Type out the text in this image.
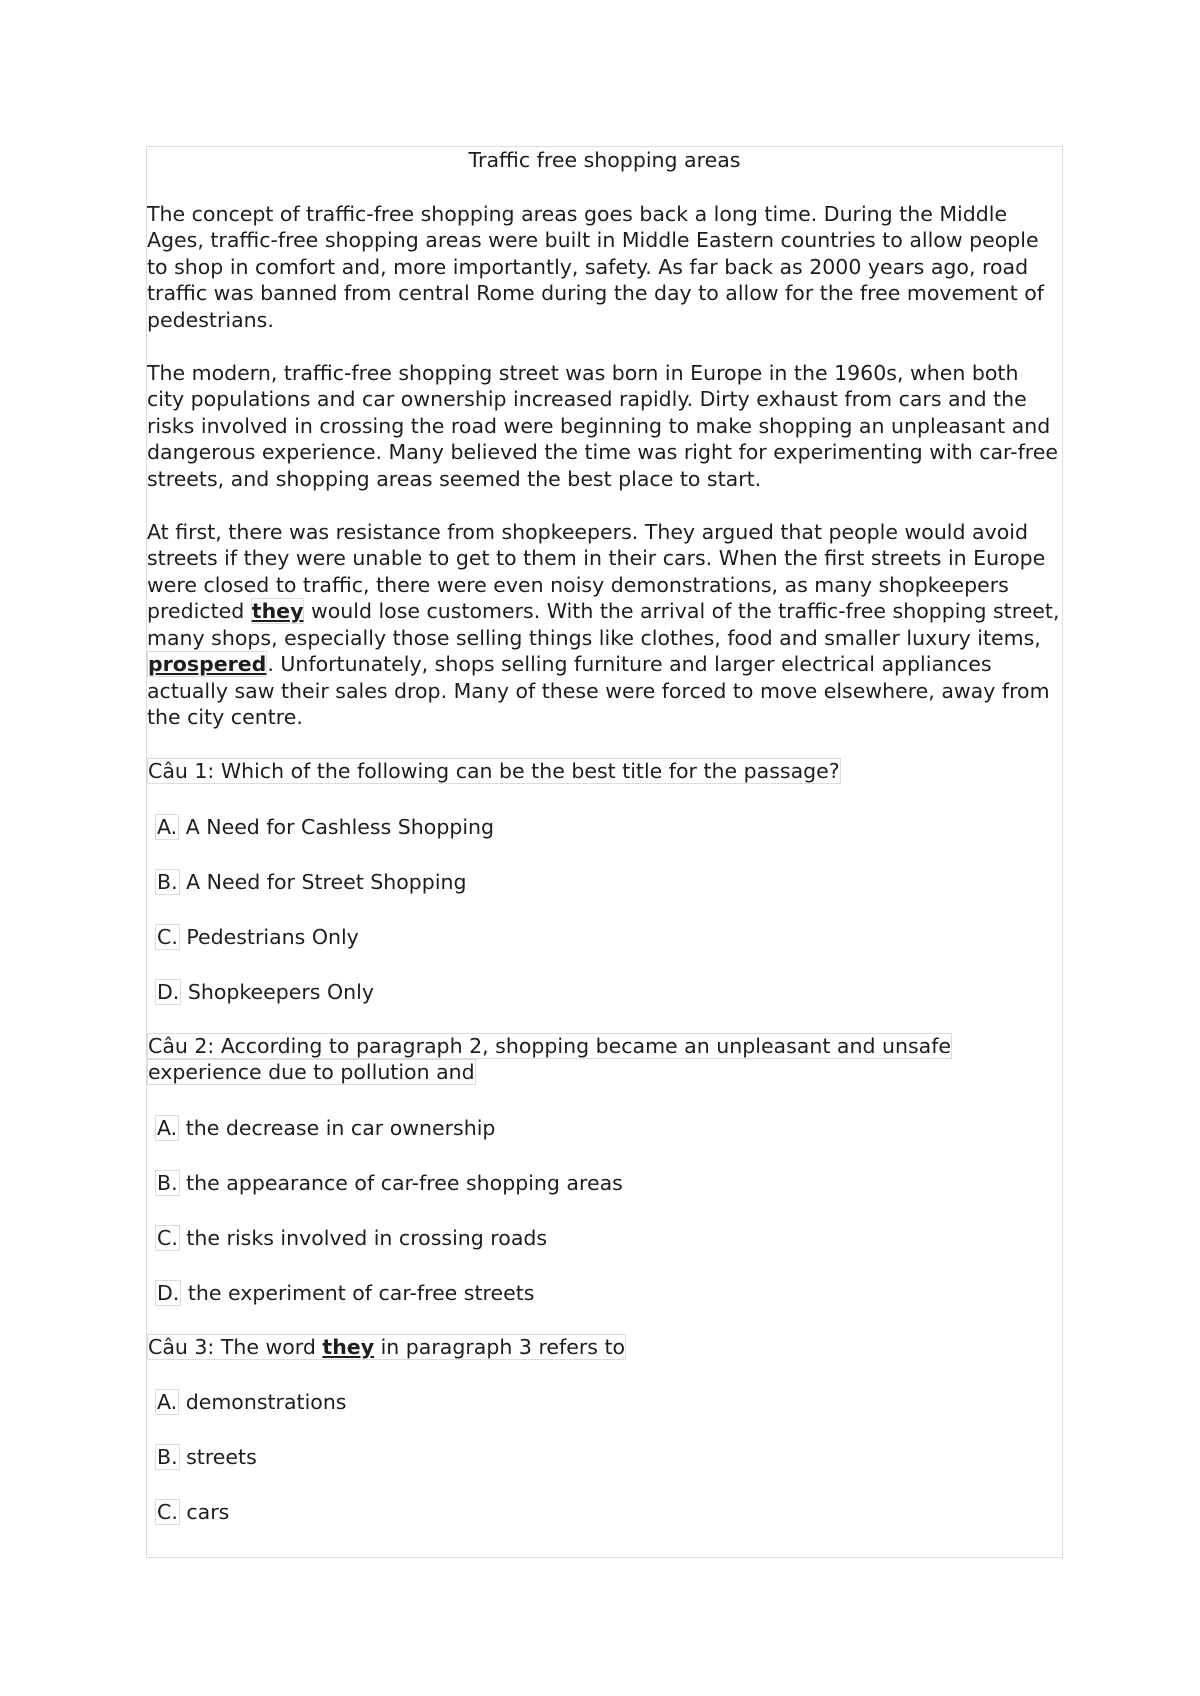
Traffic free shopping areas

The concept of traffic-free shopping areas goes back a long time. During the Middle Ages, traffic-free shopping areas were built in Middle Eastern countries to allow people to shop in comfort and, more importantly, safety. As far back as 2000 years ago, road traffic was banned from central Rome during the day to allow for the free movement of pedestrians.

The modern, traffic-free shopping street was born in Europe in the 1960s, when both city populations and car ownership increased rapidly. Dirty exhaust from cars and the risks involved in crossing the road were beginning to make shopping an unpleasant and dangerous experience. Many believed the time was right for experimenting with car-free streets, and shopping areas seemed the best place to start.

At first, there was resistance from shopkeepers. They argued that people would avoid streets if they were unable to get to them in their cars. When the first streets in Europe were closed to traffic, there were even noisy demonstrations, as many shopkeepers predicted they would lose customers. With the arrival of the traffic-free shopping street, many shops, especially those selling things like clothes, food and smaller luxury items, prospered. Unfortunately, shops selling furniture and larger electrical appliances actually saw their sales drop. Many of these were forced to move elsewhere, away from the city centre.

Câu 1: Which of the following can be the best title for the passage?
A. A Need for Cashless Shopping
B. A Need for Street Shopping
C. Pedestrians Only
D. Shopkeepers Only
Câu 2: According to paragraph 2, shopping became an unpleasant and unsafe experience due to pollution and
A. the decrease in car ownership
B. the appearance of car-free shopping areas
C. the risks involved in crossing roads
D. the experiment of car-free streets
Câu 3: The word they in paragraph 3 refers to
A. demonstrations
B. streets
C. cars
